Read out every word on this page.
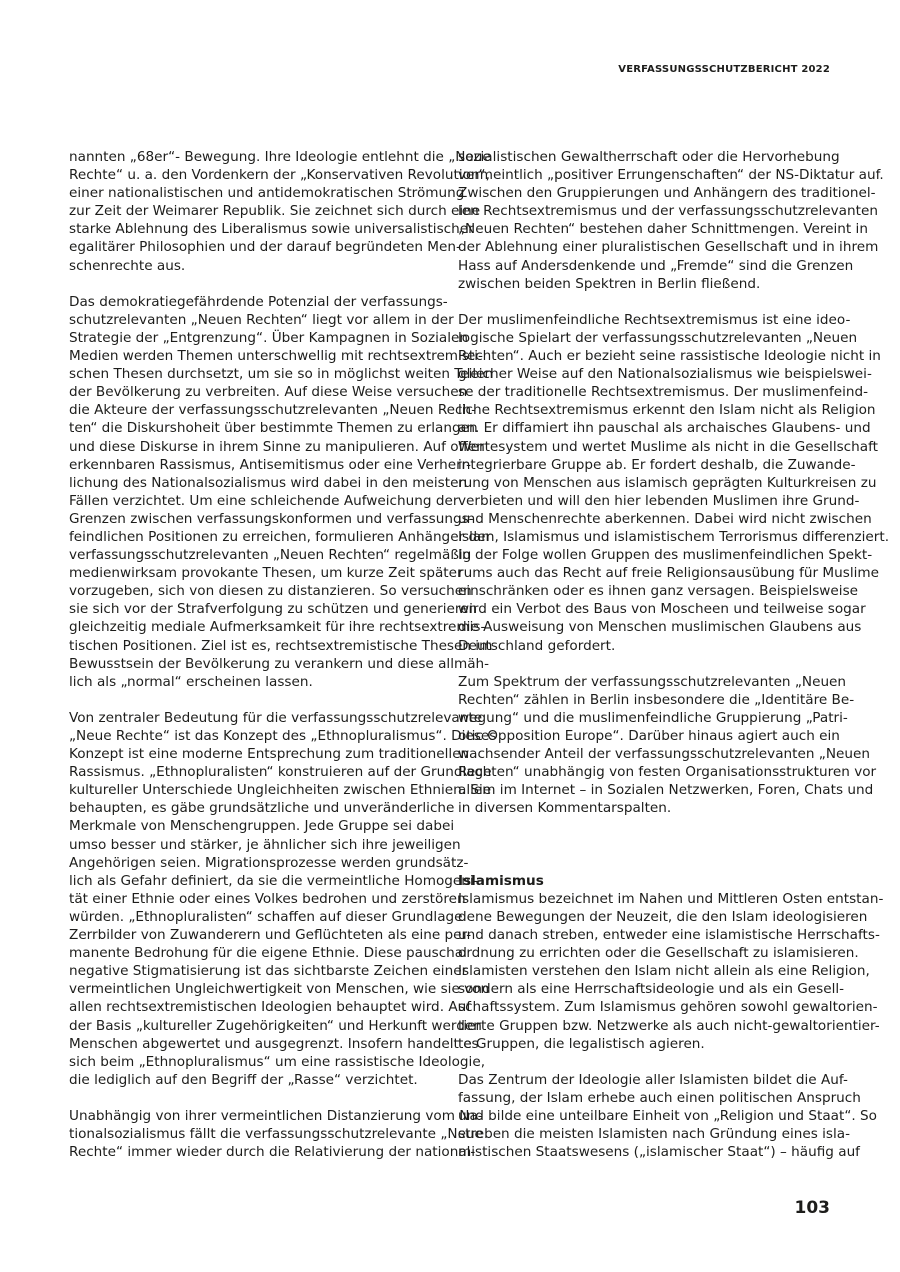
VERFASSUNGSSCHUTZBERICHT 2022
nannten „68er“- Bewegung. Ihre Ideologie entlehnt die „Neue
Rechte“ u. a. den Vordenkern der „Konservativen Revolution“,
einer nationalistischen und antidemokratischen Strömung
zur Zeit der Weimarer Republik. Sie zeichnet sich durch eine
starke Ablehnung des Liberalismus sowie universalistischer
egalitärer Philosophien und der darauf begründeten Men-
schenrechte aus.
Das demokratiegefährdende Potenzial der verfassungs-
schutzrelevanten „Neuen Rechten“ liegt vor allem in der
Strategie der „Entgrenzung“. Über Kampagnen in Sozialen
Medien werden Themen unterschwellig mit rechtsextremisti-
schen Thesen durchsetzt, um sie so in möglichst weiten Teilen
der Bevölkerung zu verbreiten. Auf diese Weise versuchen
die Akteure der verfassungsschutzrelevanten „Neuen Rech-
ten“ die Diskurshoheit über bestimmte Themen zu erlangen
und diese Diskurse in ihrem Sinne zu manipulieren. Auf offen
erkennbaren Rassismus, Antisemitismus oder eine Verherr-
lichung des Nationalsozialismus wird dabei in den meisten
Fällen verzichtet. Um eine schleichende Aufweichung der
Grenzen zwischen verfassungskonformen und verfassungs-
feindlichen Positionen zu erreichen, formulieren Anhänger der
verfassungsschutzrelevanten „Neuen Rechten“ regelmäßig
medienwirksam provokante Thesen, um kurze Zeit später
vorzugeben, sich von diesen zu distanzieren. So versuchen
sie sich vor der Strafverfolgung zu schützen und generieren
gleichzeitig mediale Aufmerksamkeit für ihre rechtsextremis-
tischen Positionen. Ziel ist es, rechtsextremistische Thesen im
Bewusstsein der Bevölkerung zu verankern und diese allmäh-
lich als „normal“ erscheinen lassen.
Von zentraler Bedeutung für die verfassungsschutzrelevante
„Neue Rechte“ ist das Konzept des „Ethnopluralismus“. Dieses
Konzept ist eine moderne Entsprechung zum traditionellen
Rassismus. „Ethnopluralisten“ konstruieren auf der Grundlage
kultureller Unterschiede Ungleichheiten zwischen Ethnien. Sie
behaupten, es gäbe grundsätzliche und unveränderliche
Merkmale von Menschengruppen. Jede Gruppe sei dabei
umso besser und stärker, je ähnlicher sich ihre jeweiligen
Angehörigen seien. Migrationsprozesse werden grundsätz-
lich als Gefahr definiert, da sie die vermeintliche Homogeni-
tät einer Ethnie oder eines Volkes bedrohen und zerstören
würden. „Ethnopluralisten“ schaffen auf dieser Grundlage
Zerrbilder von Zuwanderern und Geflüchteten als eine per-
manente Bedrohung für die eigene Ethnie. Diese pauschal
negative Stigmatisierung ist das sichtbarste Zeichen einer
vermeintlichen Ungleichwertigkeit von Menschen, wie sie von
allen rechtsextremistischen Ideologien behauptet wird. Auf
der Basis „kultureller Zugehörigkeiten“ und Herkunft werden
Menschen abgewertet und ausgegrenzt. Insofern handelt es
sich beim „Ethnopluralismus“ um eine rassistische Ideologie,
die lediglich auf den Begriff der „Rasse“ verzichtet.
Unabhängig von ihrer vermeintlichen Distanzierung vom Na-
tionalsozialismus fällt die verfassungsschutzrelevante „Neue
Rechte“ immer wieder durch die Relativierung der national-
sozialistischen Gewaltherrschaft oder die Hervorhebung
vermeintlich „positiver Errungenschaften“ der NS-Diktatur auf.
Zwischen den Gruppierungen und Anhängern des traditionel-
len Rechtsextremismus und der verfassungsschutzrelevanten
„Neuen Rechten“ bestehen daher Schnittmengen. Vereint in
der Ablehnung einer pluralistischen Gesellschaft und in ihrem
Hass auf Andersdenkende und „Fremde“ sind die Grenzen
zwischen beiden Spektren in Berlin fließend.
Der muslimenfeindliche Rechtsextremismus ist eine ideo-
logische Spielart der verfassungsschutzrelevanten „Neuen
Rechten“. Auch er bezieht seine rassistische Ideologie nicht in
gleicher Weise auf den Nationalsozialismus wie beispielswei-
se der traditionelle Rechtsextremismus. Der muslimenfeind-
liche Rechtsextremismus erkennt den Islam nicht als Religion
an. Er diffamiert ihn pauschal als archaisches Glaubens- und
Wertesystem und wertet Muslime als nicht in die Gesellschaft
integrierbare Gruppe ab. Er fordert deshalb, die Zuwande-
rung von Menschen aus islamisch geprägten Kulturkreisen zu
verbieten und will den hier lebenden Muslimen ihre Grund-
und Menschenrechte aberkennen. Dabei wird nicht zwischen
Islam, Islamismus und islamistischem Terrorismus differenziert.
In der Folge wollen Gruppen des muslimenfeindlichen Spekt-
rums auch das Recht auf freie Religionsausübung für Muslime
einschränken oder es ihnen ganz versagen. Beispielsweise
wird ein Verbot des Baus von Moscheen und teilweise sogar
die Ausweisung von Menschen muslimischen Glaubens aus
Deutschland gefordert.
Zum Spektrum der verfassungsschutzrelevanten „Neuen
Rechten“ zählen in Berlin insbesondere die „Identitäre Be-
wegung“ und die muslimenfeindliche Gruppierung „Patri-
otic Opposition Europe“. Darüber hinaus agiert auch ein
wachsender Anteil der verfassungsschutzrelevanten „Neuen
Rechten“ unabhängig von festen Organisationsstrukturen vor
allem im Internet – in Sozialen Netzwerken, Foren, Chats und
in diversen Kommentarspalten.
Islamismus
Islamismus bezeichnet im Nahen und Mittleren Osten entstan-
dene Bewegungen der Neuzeit, die den Islam ideologisieren
und danach streben, entweder eine islamistische Herrschafts-
ordnung zu errichten oder die Gesellschaft zu islamisieren.
Islamisten verstehen den Islam nicht allein als eine Religion,
sondern als eine Herrschaftsideologie und als ein Gesell-
schaftssystem. Zum Islamismus gehören sowohl gewaltorien-
tierte Gruppen bzw. Netzwerke als auch nicht-gewaltorientier-
te Gruppen, die legalistisch agieren.
Das Zentrum der Ideologie aller Islamisten bildet die Auf-
fassung, der Islam erhebe auch einen politischen Anspruch
und bilde eine unteilbare Einheit von „Religion und Staat“. So
streben die meisten Islamisten nach Gründung eines isla-
mistischen Staatswesens („islamischer Staat“) – häufig auf
103
